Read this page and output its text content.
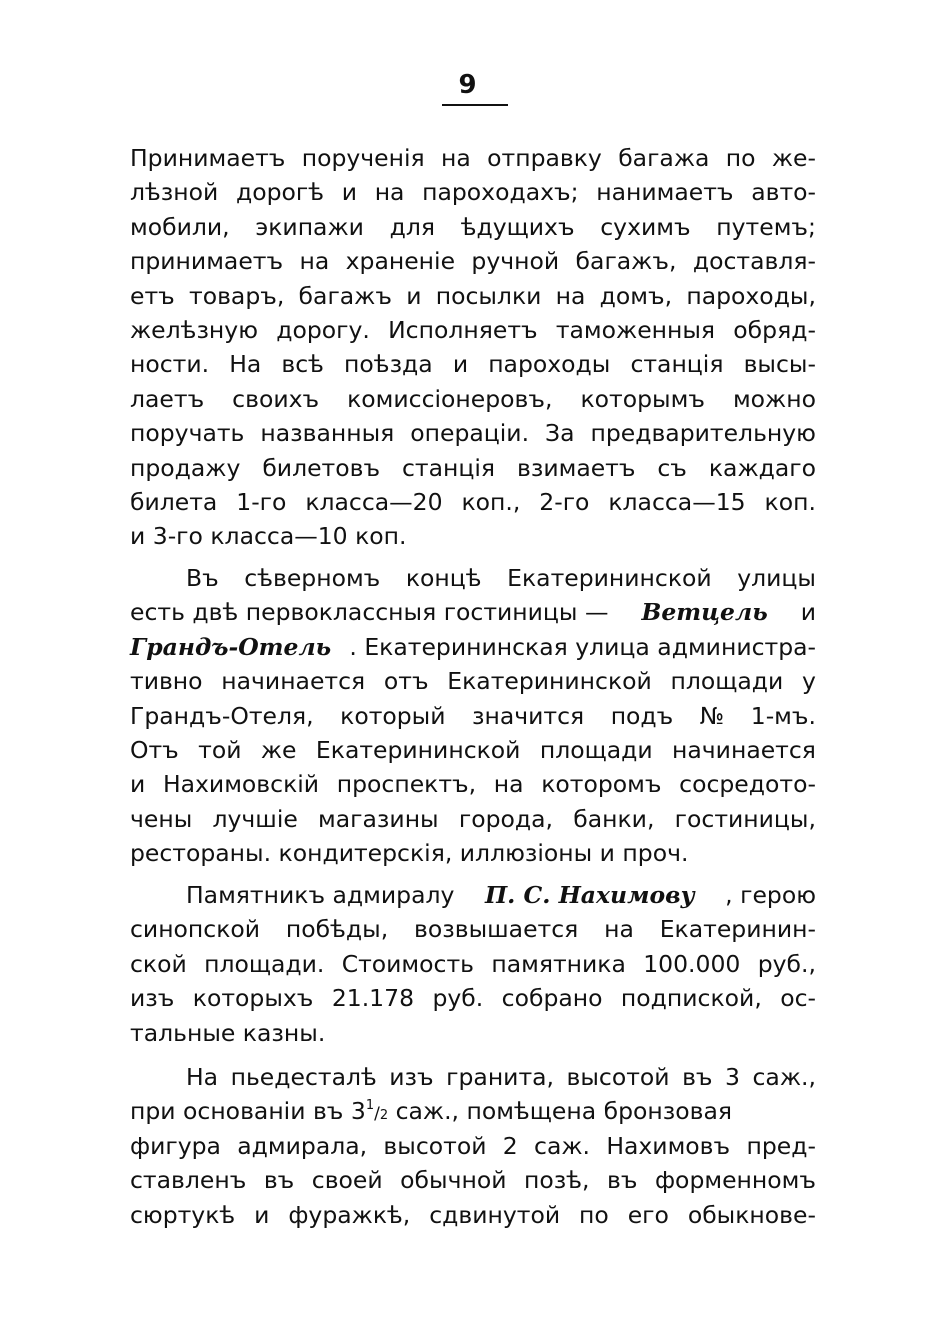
9
Принимаетъ порученія на отправку багажа по же-
лѣзной дорогѣ и на пароходахъ; нанимаетъ авто-
мобили, экипажи для ѣдущихъ сухимъ путемъ;
принимаетъ на храненіе ручной багажъ, доставля-
етъ товаръ, багажъ и посылки на домъ, пароходы,
желѣзную дорогу. Исполняетъ таможенныя обряд-
ности. На всѣ поѣзда и пароходы станція высы-
лаетъ своихъ комиссіонеровъ, которымъ можно
поручать названныя операціи. За предварительную
продажу билетовъ станція взимаетъ съ каждаго
билета 1-го класса—20 коп., 2-го класса—15 коп.
и 3-го класса—10 коп.
Въ сѣверномъ концѣ Екатерининской улицы
есть двѣ первоклассныя гостиницы — Ветцель и
Грандъ-Отель . Екатерининская улица администра-
тивно начинается отъ Екатерининской площади у
Грандъ-Отеля, который значится подъ № 1-мъ.
Отъ той же Екатерининской площади начинается
и Нахимовскій проспектъ, на которомъ сосредото-
чены лучшіе магазины города, банки, гостиницы,
рестораны. кондитерскія, иллюзіоны и проч.
Памятникъ адмиралу П. С. Нахимову , герою
синопской побѣды, возвышается на Екатеринин-
ской площади. Стоимость памятника 100.000 руб.,
изъ которыхъ 21.178 руб. собрано подпиской, ос-
тальные казны.
На пьедесталѣ изъ гранита, высотой въ 3 саж.,
при основаніи въ $3^1/2$ саж., помѣщена бронзовая
фигура адмирала, высотой 2 саж. Нахимовъ пред-
ставленъ въ своей обычной позѣ, въ форменномъ
сюртукѣ и фуражкѣ, сдвинутой по его обыкнове-
